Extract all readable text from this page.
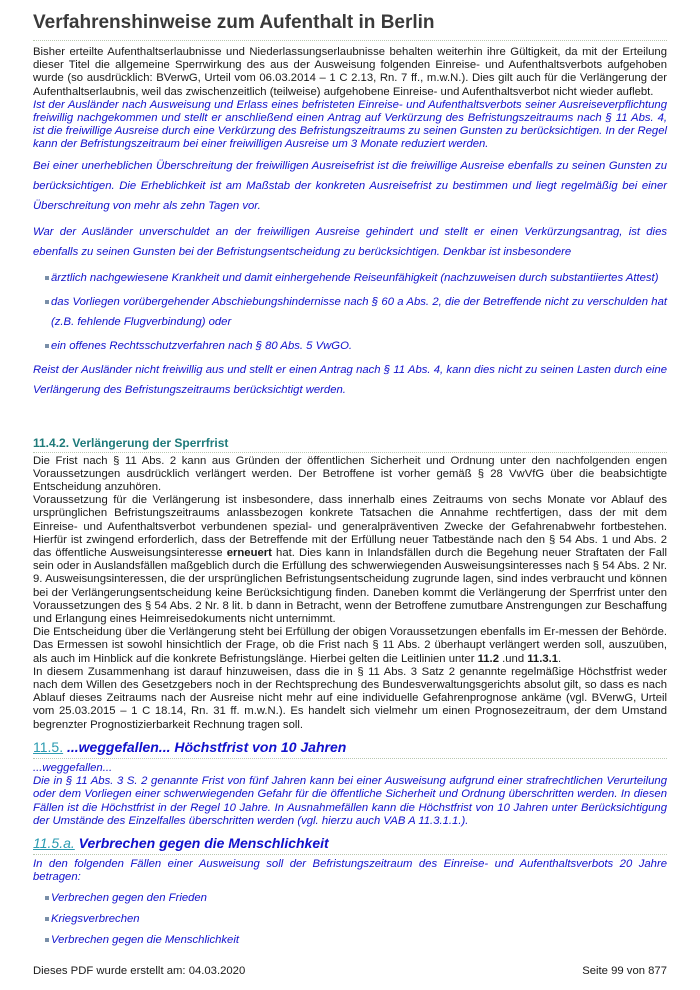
Verfahrenshinweise zum Aufenthalt in Berlin

Bisher erteilte Aufenthaltserlaubnisse und Niederlassungserlaubnisse behalten weiterhin ihre Gültigkeit, da mit der Erteilung dieser Titel die allgemeine Sperrwirkung des aus der Ausweisung folgenden Einreise- und Aufenthaltsverbots aufgehoben wurde (so ausdrücklich: BVerwG, Urteil vom 06.03.2014 – 1 C 2.13, Rn. 7 ff., m.w.N.). Dies gilt auch für die Verlängerung der Aufenthaltserlaubnis, weil das zwischenzeitlich (teilweise) aufgehobene Einreise- und Aufenthaltsverbot nicht wieder auflebt.

Ist der Ausländer nach Ausweisung und Erlass eines befristeten Einreise- und Aufenthaltsverbots seiner Ausreiseverpflichtung freiwillig nachgekommen und stellt er anschließend einen Antrag auf Verkürzung des Befristungszeitraums nach § 11 Abs. 4, ist die freiwillige Ausreise durch eine Verkürzung des Befristungszeitraums zu seinen Gunsten zu berücksichtigen. In der Regel kann der Befristungszeitraum bei einer freiwilligen Ausreise um 3 Monate reduziert werden.

Bei einer unerheblichen Überschreitung der freiwilligen Ausreisefrist ist die freiwillige Ausreise ebenfalls zu seinen Gunsten zu berücksichtigen. Die Erheblichkeit ist am Maßstab der konkreten Ausreisefrist zu bestimmen und liegt regelmäßig bei einer Überschreitung von mehr als zehn Tagen vor.

War der Ausländer unverschuldet an der freiwilligen Ausreise gehindert und stellt er einen Verkürzungsantrag, ist dies ebenfalls zu seinen Gunsten bei der Befristungsentscheidung zu berücksichtigen. Denkbar ist insbesondere

ärztlich nachgewiesene Krankheit und damit einhergehende Reiseunfähigkeit (nachzuweisen durch substantiiertes Attest)

das Vorliegen vorübergehender Abschiebungshindernisse nach § 60 a Abs. 2, die der Betreffende nicht zu verschulden hat (z.B. fehlende Flugverbindung) oder

ein offenes Rechtsschutzverfahren nach § 80 Abs. 5 VwGO.

Reist der Ausländer nicht freiwillig aus und stellt er einen Antrag nach § 11 Abs. 4, kann dies nicht zu seinen Lasten durch eine Verlängerung des Befristungszeitraums berücksichtigt werden.

11.4.2. Verlängerung der Sperrfrist

Die Frist nach § 11 Abs. 2 kann aus Gründen der öffentlichen Sicherheit und Ordnung unter den nachfolgenden engen Voraussetzungen ausdrücklich verlängert werden. Der Betroffene ist vorher gemäß § 28 VwVfG über die beabsichtigte Entscheidung anzuhören.

Voraussetzung für die Verlängerung ist insbesondere, dass innerhalb eines Zeitraums von sechs Monate vor Ablauf des ursprünglichen Befristungszeitraums anlassbezogen konkrete Tatsachen die Annahme rechtfertigen, dass der mit dem Einreise- und Aufenthaltsverbot verbundenen spezial- und generalpräventiven Zwecke der Gefahrenabwehr fortbestehen. Hierfür ist zwingend erforderlich, dass der Betreffende mit der Erfüllung neuer Tatbestände nach den § 54 Abs. 1 und Abs. 2 das öffentliche Ausweisungsinteresse erneuert hat. Dies kann in Inlandsfällen durch die Begehung neuer Straftaten der Fall sein oder in Auslandsfällen maßgeblich durch die Erfüllung des schwerwiegenden Ausweisungsinteresses nach § 54 Abs. 2 Nr. 9. Ausweisungsinteressen, die der ursprünglichen Befristungsentscheidung zugrunde lagen, sind indes verbraucht und können bei der Verlängerungsentscheidung keine Berücksichtigung finden. Daneben kommt die Verlängerung der Sperrfrist unter den Voraussetzungen des § 54 Abs. 2 Nr. 8 lit. b dann in Betracht, wenn der Betroffene zumutbare Anstrengungen zur Beschaffung und Erlangung eines Heimreisedokuments nicht unternimmt.

Die Entscheidung über die Verlängerung steht bei Erfüllung der obigen Voraussetzungen ebenfalls im Er-messen der Behörde. Das Ermessen ist sowohl hinsichtlich der Frage, ob die Frist nach § 11 Abs. 2 überhaupt verlängert werden soll, auszuüben, als auch im Hinblick auf die konkrete Befristungslänge. Hierbei gelten die Leitlinien unter 11.2 .und 11.3.1.

In diesem Zusammenhang ist darauf hinzuweisen, dass die in § 11 Abs. 3 Satz 2 genannte regelmäßige Höchstfrist weder nach dem Willen des Gesetzgebers noch in der Rechtsprechung des Bundesverwaltungsgerichts absolut gilt, so dass es nach Ablauf dieses Zeitraums nach der Ausreise nicht mehr auf eine individuelle Gefahrenprognose ankäme (vgl. BVerwG, Urteil vom 25.03.2015 – 1 C 18.14, Rn. 31 ff. m.w.N.). Es handelt sich vielmehr um einen Prognosezeitraum, der dem Umstand begrenzter Prognostizierbarkeit Rechnung tragen soll.

11.5. ...weggefallen... Höchstfrist von 10 Jahren

...weggefallen...

Die in § 11 Abs. 3 S. 2 genannte Frist von fünf Jahren kann bei einer Ausweisung aufgrund einer strafrechtlichen Verurteilung oder dem Vorliegen einer schwerwiegenden Gefahr für die öffentliche Sicherheit und Ordnung überschritten werden. In diesen Fällen ist die Höchstfrist in der Regel 10 Jahre. In Ausnahmefällen kann die Höchstfrist von 10 Jahren unter Berücksichtigung der Umstände des Einzelfalles überschritten werden (vgl. hierzu auch VAB A 11.3.1.1.).

11.5.a. Verbrechen gegen die Menschlichkeit

In den folgenden Fällen einer Ausweisung soll der Befristungszeitraum des Einreise- und Aufenthaltsverbots 20 Jahre betragen:

Verbrechen gegen den Frieden

Kriegsverbrechen

Verbrechen gegen die Menschlichkeit

Dieses PDF wurde erstellt am: 04.03.2020	Seite 99 von 877
